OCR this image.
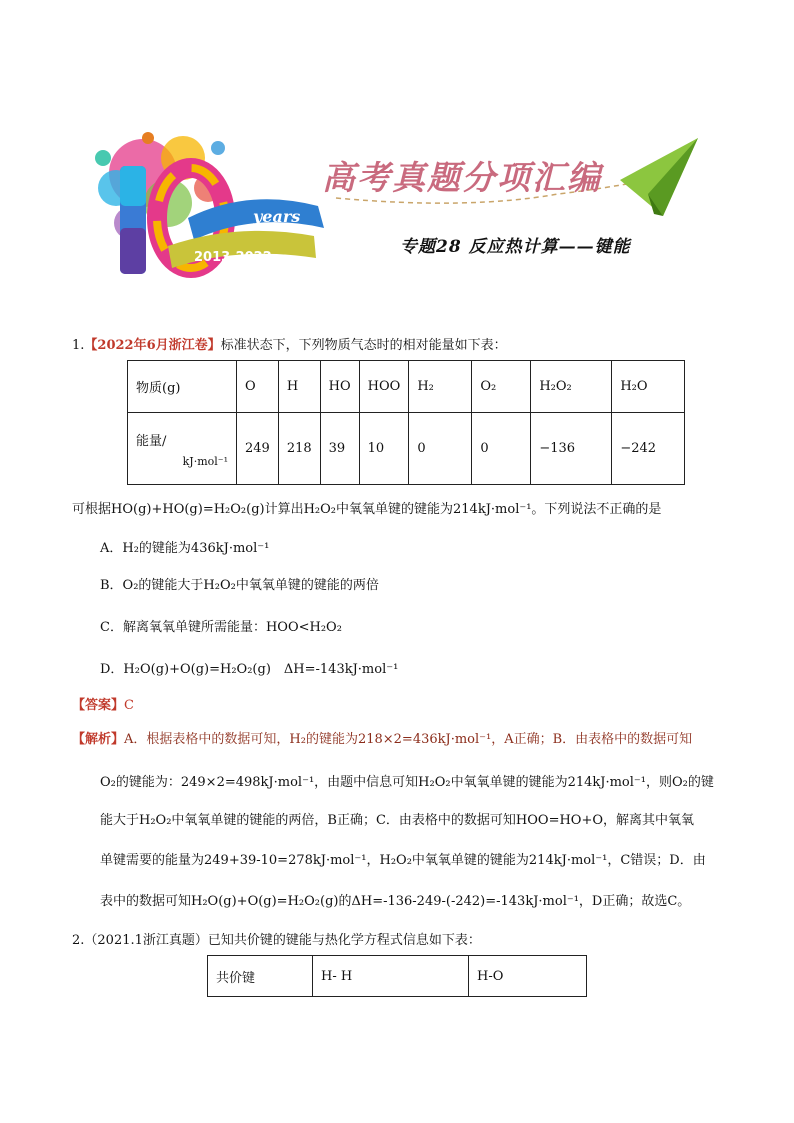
years
2013-2022
高考真题分项汇编
专题28 反应热计算——键能
1.【2022年6月浙江卷】标准状态下，下列物质气态时的相对能量如下表：
物质(g)	O	H	HO	HOO	H₂	O₂	H₂O₂	H₂O

能量/
kJ·mol⁻¹	249	218	39	10	0	0	−136	−242
可根据HO(g)+HO(g)=H₂O₂(g)计算出H₂O₂中氧氧单键的键能为214kJ·mol⁻¹。下列说法不正确的是
A．H₂的键能为436kJ·mol⁻¹
B．O₂的键能大于H₂O₂中氧氧单键的键能的两倍
C．解离氧氧单键所需能量：HOO<H₂O₂
D．H₂O(g)+O(g)=H₂O₂(g)　ΔH=-143kJ·mol⁻¹
【答案】C
【解析】A．根据表格中的数据可知，H₂的键能为218×2=436kJ·mol⁻¹，A正确；B．由表格中的数据可知
O₂的键能为：249×2=498kJ·mol⁻¹，由题中信息可知H₂O₂中氧氧单键的键能为214kJ·mol⁻¹，则O₂的键
能大于H₂O₂中氧氧单键的键能的两倍，B正确；C．由表格中的数据可知HOO=HO+O，解离其中氧氧
单键需要的能量为249+39-10=278kJ·mol⁻¹，H₂O₂中氧氧单键的键能为214kJ·mol⁻¹，C错误；D．由
表中的数据可知H₂O(g)+O(g)=H₂O₂(g)的ΔH=-136-249-(-242)=-143kJ·mol⁻¹，D正确；故选C。
2.（2021.1浙江真题）已知共价键的键能与热化学方程式信息如下表：
共价键	H- H	H-O
